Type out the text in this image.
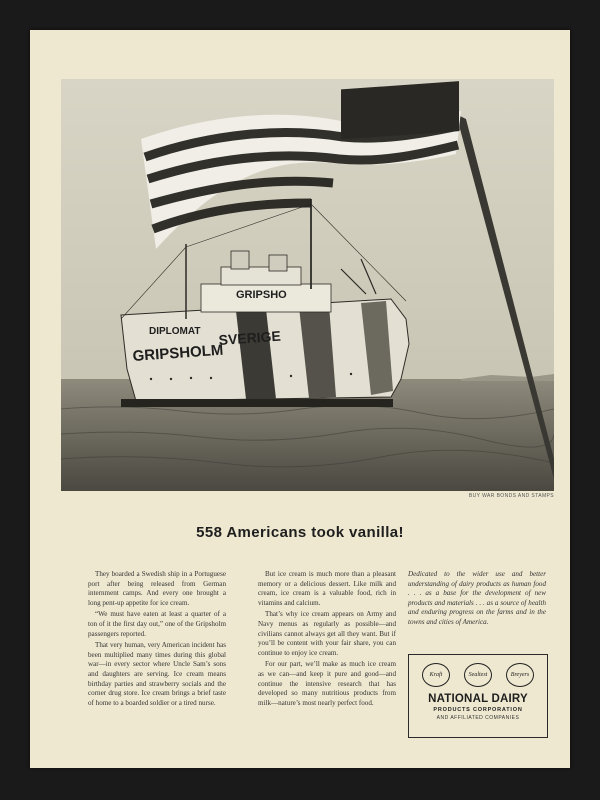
GRIPSHO
DIPLOMAT
GRIPSHOLM
SVERIGE
BUY WAR BONDS AND STAMPS
558 Americans took vanilla!

They boarded a Swedish ship in a Portuguese port after being released from German internment camps. And every one brought a long pent-up appetite for ice cream.

“We must have eaten at least a quarter of a ton of it the first day out,” one of the Gripsholm passengers reported.

That very human, very American incident has been multiplied many times during this global war—in every sector where Uncle Sam’s sons and daughters are serving. Ice cream means birthday parties and strawberry socials and the corner drug store. Ice cream brings a brief taste of home to a boarded soldier or a tired nurse.

But ice cream is much more than a pleasant memory or a delicious dessert. Like milk and cream, ice cream is a valuable food, rich in vitamins and calcium.

That’s why ice cream appears on Army and Navy menus as regularly as possible—and civilians cannot always get all they want. But if you’ll be content with your fair share, you can continue to enjoy ice cream.

For our part, we’ll make as much ice cream as we can—and keep it pure and good—and continue the intensive research that has developed so many nutritious products from milk—nature’s most nearly perfect food.

Dedicated to the wider use and better understanding of dairy products as human food . . . as a base for the development of new products and materials . . . as a source of health and enduring progress on the farms and in the towns and cities of America.
Kraft	Sealtest	Breyers
NATIONAL DAIRY
PRODUCTS CORPORATION
AND AFFILIATED COMPANIES
